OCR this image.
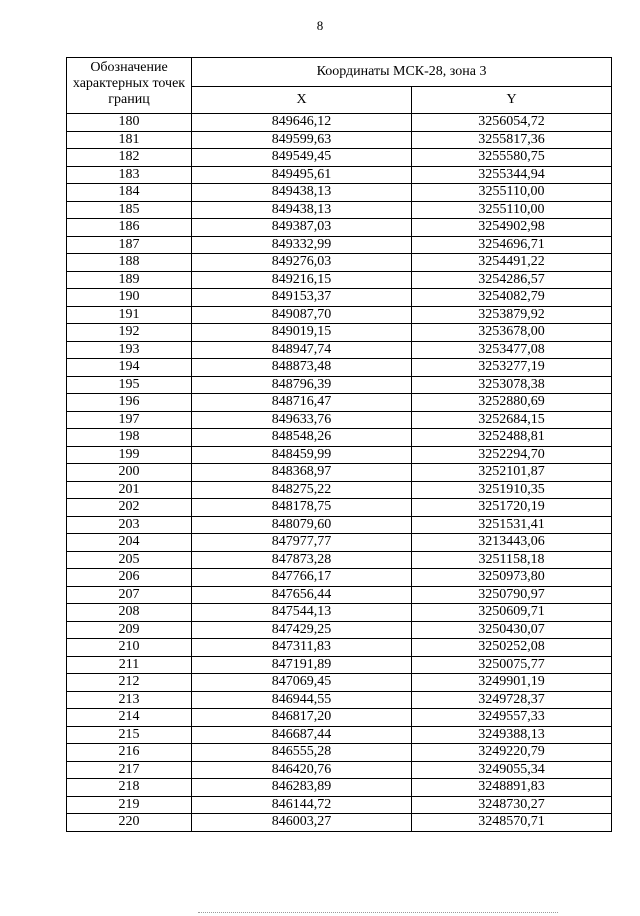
8
Обозначение характерных точек границ	Координаты МСК-28, зона 3	
	X	Y
180	849646,12	3256054,72
181	849599,63	3255817,36
182	849549,45	3255580,75
183	849495,61	3255344,94
184	849438,13	3255110,00
185	849438,13	3255110,00
186	849387,03	3254902,98
187	849332,99	3254696,71
188	849276,03	3254491,22
189	849216,15	3254286,57
190	849153,37	3254082,79
191	849087,70	3253879,92
192	849019,15	3253678,00
193	848947,74	3253477,08
194	848873,48	3253277,19
195	848796,39	3253078,38
196	848716,47	3252880,69
197	849633,76	3252684,15
198	848548,26	3252488,81
199	848459,99	3252294,70
200	848368,97	3252101,87
201	848275,22	3251910,35
202	848178,75	3251720,19
203	848079,60	3251531,41
204	847977,77	3213443,06
205	847873,28	3251158,18
206	847766,17	3250973,80
207	847656,44	3250790,97
208	847544,13	3250609,71
209	847429,25	3250430,07
210	847311,83	3250252,08
211	847191,89	3250075,77
212	847069,45	3249901,19
213	846944,55	3249728,37
214	846817,20	3249557,33
215	846687,44	3249388,13
216	846555,28	3249220,79
217	846420,76	3249055,34
218	846283,89	3248891,83
219	846144,72	3248730,27
220	846003,27	3248570,71
